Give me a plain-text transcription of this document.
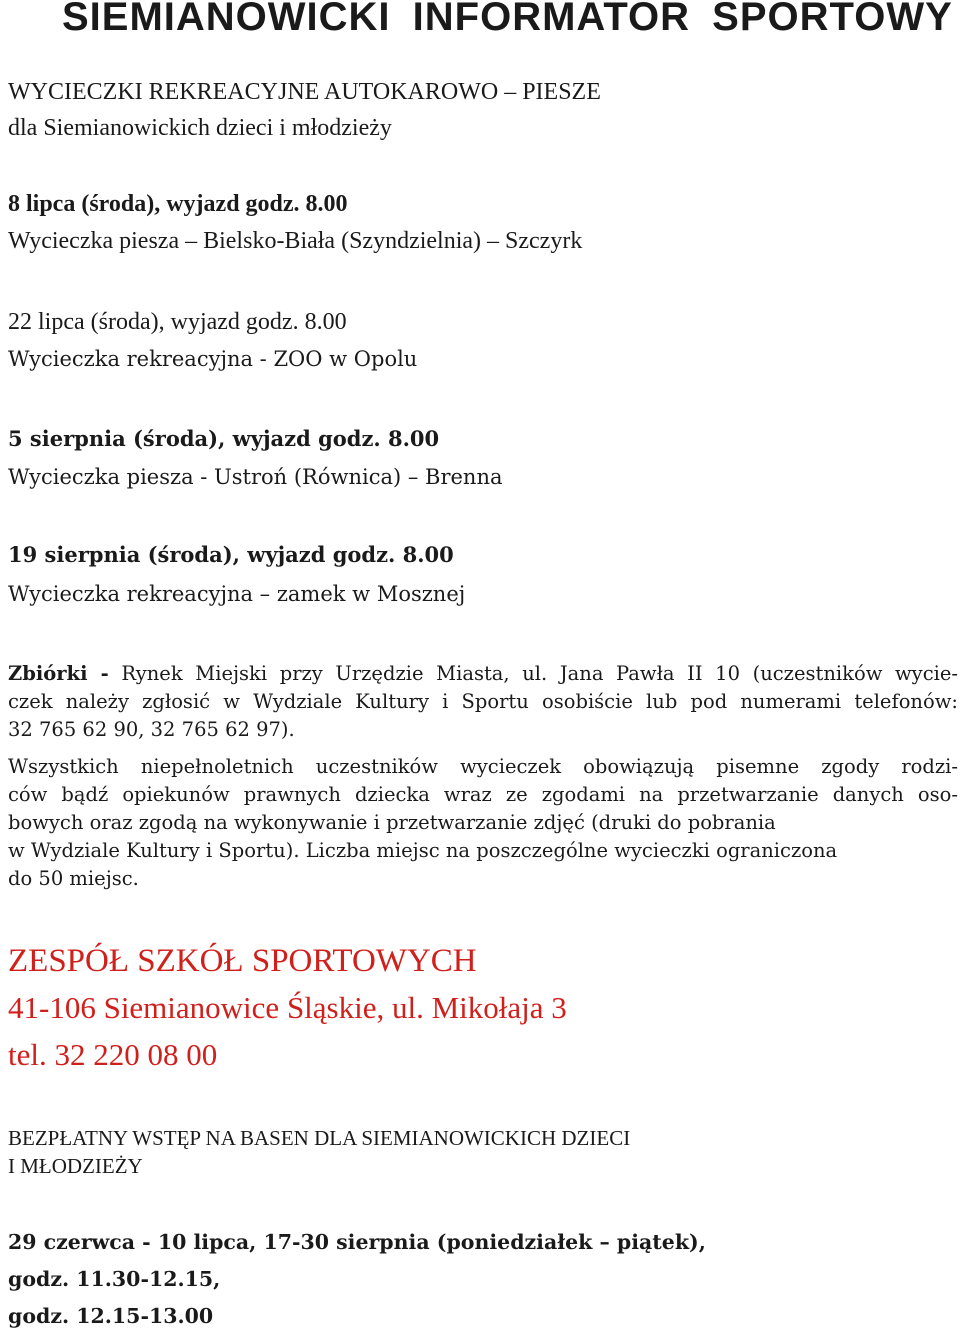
SIEMIANOWICKI INFORMATOR SPORTOWY
WYCIECZKI REKREACYJNE AUTOKAROWO – PIESZE
dla Siemianowickich dzieci i młodzieży
8 lipca (środa), wyjazd godz. 8.00
Wycieczka piesza – Bielsko-Biała (Szyndzielnia) – Szczyrk
22 lipca (środa), wyjazd godz. 8.00
Wycieczka rekreacyjna - ZOO w Opolu
5 sierpnia (środa), wyjazd godz. 8.00
Wycieczka piesza - Ustroń (Równica) – Brenna
19 sierpnia (środa), wyjazd godz. 8.00
Wycieczka rekreacyjna – zamek w Mosznej
Zbiórki - Rynek Miejski przy Urzędzie Miasta, ul. Jana Pawła II 10 (uczestników wycie-
czek należy zgłosić w Wydziale Kultury i Sportu osobiście lub pod numerami telefonów:
32 765 62 90, 32 765 62 97).
Wszystkich niepełnoletnich uczestników wycieczek obowiązują pisemne zgody rodzi-
ców bądź opiekunów prawnych dziecka wraz ze zgodami na przetwarzanie danych oso-
bowych oraz zgodą na wykonywanie i przetwarzanie zdjęć (druki do pobrania
w Wydziale Kultury i Sportu). Liczba miejsc na poszczególne wycieczki ograniczona
do 50 miejsc.
ZESPÓŁ SZKÓŁ SPORTOWYCH
41-106 Siemianowice Śląskie, ul. Mikołaja 3
tel. 32 220 08 00
BEZPŁATNY WSTĘP NA BASEN DLA SIEMIANOWICKICH DZIECI
I MŁODZIEŻY
29 czerwca - 10 lipca, 17-30 sierpnia (poniedziałek – piątek),
godz. 11.30-12.15,
godz. 12.15-13.00
